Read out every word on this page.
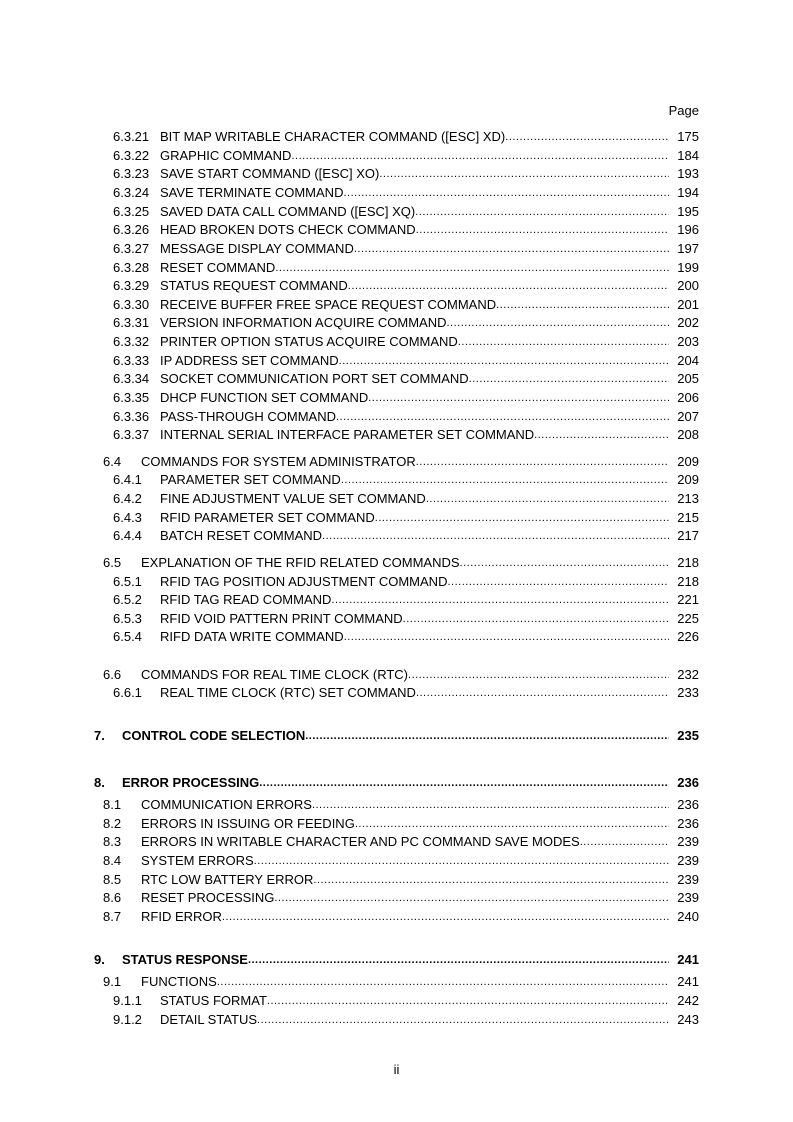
Page
6.3.21 BIT MAP WRITABLE CHARACTER COMMAND ([ESC] XD) .....	175
6.3.22 GRAPHIC COMMAND .....	184
6.3.23 SAVE START COMMAND ([ESC] XO) .....	193
6.3.24 SAVE TERMINATE COMMAND .....	194
6.3.25 SAVED DATA CALL COMMAND ([ESC] XQ) .....	195
6.3.26 HEAD BROKEN DOTS CHECK COMMAND .....	196
6.3.27 MESSAGE DISPLAY COMMAND .....	197
6.3.28 RESET COMMAND .....	199
6.3.29 STATUS REQUEST COMMAND .....	200
6.3.30 RECEIVE BUFFER FREE SPACE REQUEST COMMAND .....	201
6.3.31 VERSION INFORMATION ACQUIRE COMMAND .....	202
6.3.32 PRINTER OPTION STATUS ACQUIRE COMMAND .....	203
6.3.33 IP ADDRESS SET COMMAND .....	204
6.3.34 SOCKET COMMUNICATION PORT SET COMMAND .....	205
6.3.35 DHCP FUNCTION SET COMMAND .....	206
6.3.36 PASS-THROUGH COMMAND .....	207
6.3.37 INTERNAL SERIAL INTERFACE PARAMETER SET COMMAND .....	208
6.4 COMMANDS FOR SYSTEM ADMINISTRATOR .....	209
6.4.1 PARAMETER SET COMMAND .....	209
6.4.2 FINE ADJUSTMENT VALUE SET COMMAND .....	213
6.4.3 RFID PARAMETER SET COMMAND .....	215
6.4.4 BATCH RESET COMMAND .....	217
6.5 EXPLANATION OF THE RFID RELATED COMMANDS .....	218
6.5.1 RFID TAG POSITION ADJUSTMENT COMMAND .....	218
6.5.2 RFID TAG READ COMMAND .....	221
6.5.3 RFID VOID PATTERN PRINT COMMAND .....	225
6.5.4 RIFD DATA WRITE COMMAND .....	226
6.6 COMMANDS FOR REAL TIME CLOCK (RTC) .....	232
6.6.1 REAL TIME CLOCK (RTC) SET COMMAND .....	233
7. CONTROL CODE SELECTION .....	235
8. ERROR PROCESSING .....	236
8.1 COMMUNICATION ERRORS .....	236
8.2 ERRORS IN ISSUING OR FEEDING .....	236
8.3 ERRORS IN WRITABLE CHARACTER AND PC COMMAND SAVE MODES .....	239
8.4 SYSTEM ERRORS .....	239
8.5 RTC LOW BATTERY ERROR .....	239
8.6 RESET PROCESSING .....	239
8.7 RFID ERROR .....	240
9. STATUS RESPONSE .....	241
9.1 FUNCTIONS .....	241
9.1.1 STATUS FORMAT .....	242
9.1.2 DETAIL STATUS .....	243
ii
